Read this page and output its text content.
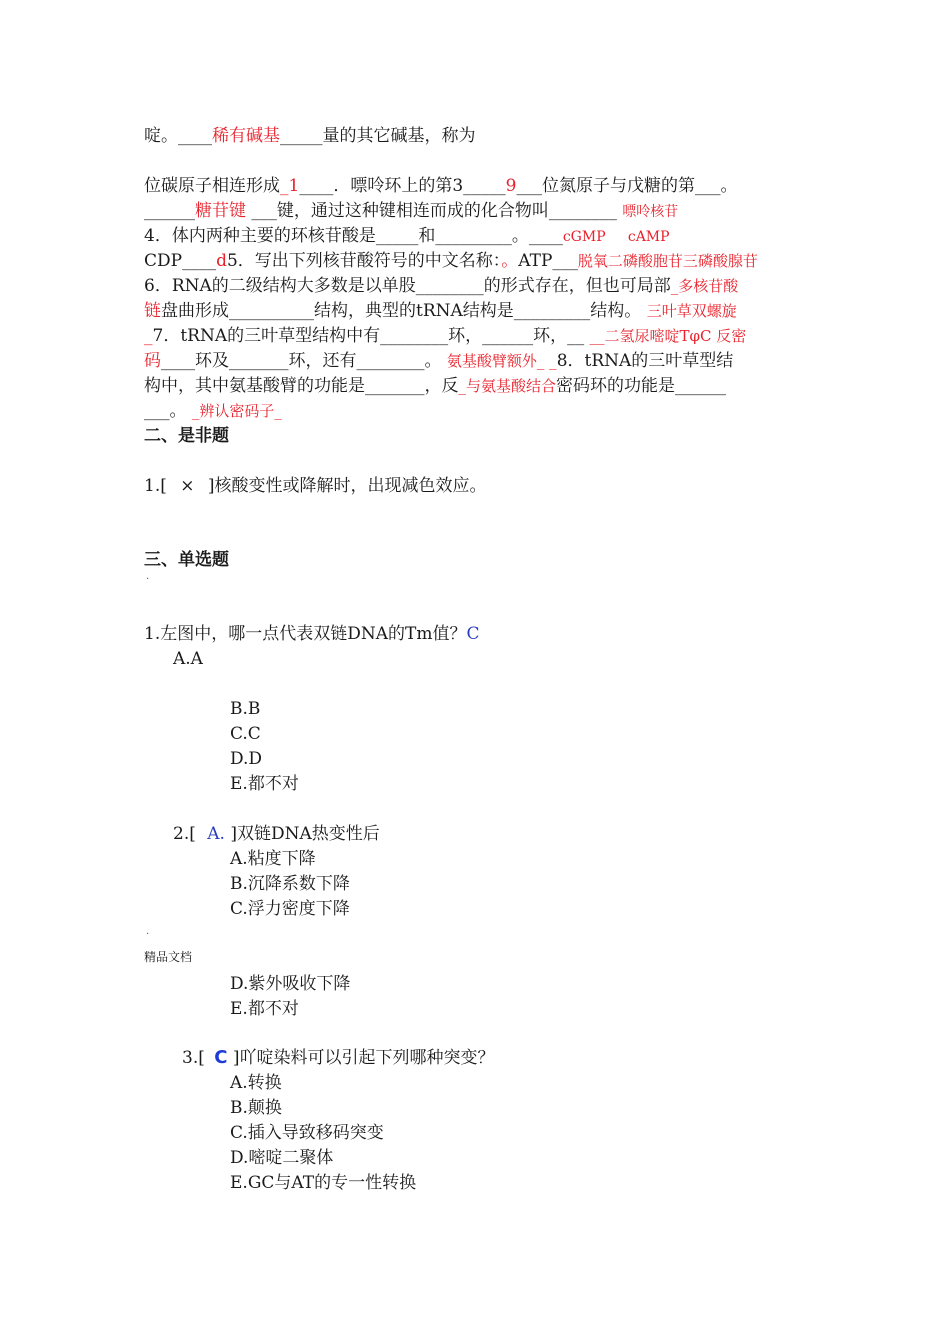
啶。____稀有碱基_____量的其它碱基，称为
位碳原子相连形成_1____．嘌呤环上的第3_____9___位氮原子与戊糖的第___。
______糖苷键 ___键，通过这种键相连而成的化合物叫________ 嘌呤核苷
4．体内两种主要的环核苷酸是_____和_________。____cGMP     cAMP
CDP____d5．写出下列核苷酸符号的中文名称：。ATP___脱氧二磷酸胞苷三磷酸腺苷
6．RNA的二级结构大多数是以单股________的形式存在，但也可局部_多核苷酸
链盘曲形成__________结构，典型的tRNA结构是_________结构。 三叶草双螺旋
_7．tRNA的三叶草型结构中有________环，______环，__ __二氢尿嘧啶TφC 反密
码____环及_______环，还有________。 氨基酸臂额外_ _8．tRNA的三叶草型结
构中，其中氨基酸臂的功能是_______，反_与氨基酸结合密码环的功能是______
___。 _辨认密码子_
二、是非题
1.[ × ]核酸变性或降解时，出现减色效应。
三、单选题
.
1.左图中，哪一点代表双链DNA的Tm值？C
A.A
B.B
C.C
D.D
E.都不对
2.[ A. ]双链DNA热变性后
A.粘度下降
B.沉降系数下降
C.浮力密度下降
.
精品文档
D.紫外吸收下降
E.都不对
3.[ C ]吖啶染料可以引起下列哪种突变？
A.转换
B.颠换
C.插入导致移码突变
D.嘧啶二聚体
E.GC与AT的专一性转换
